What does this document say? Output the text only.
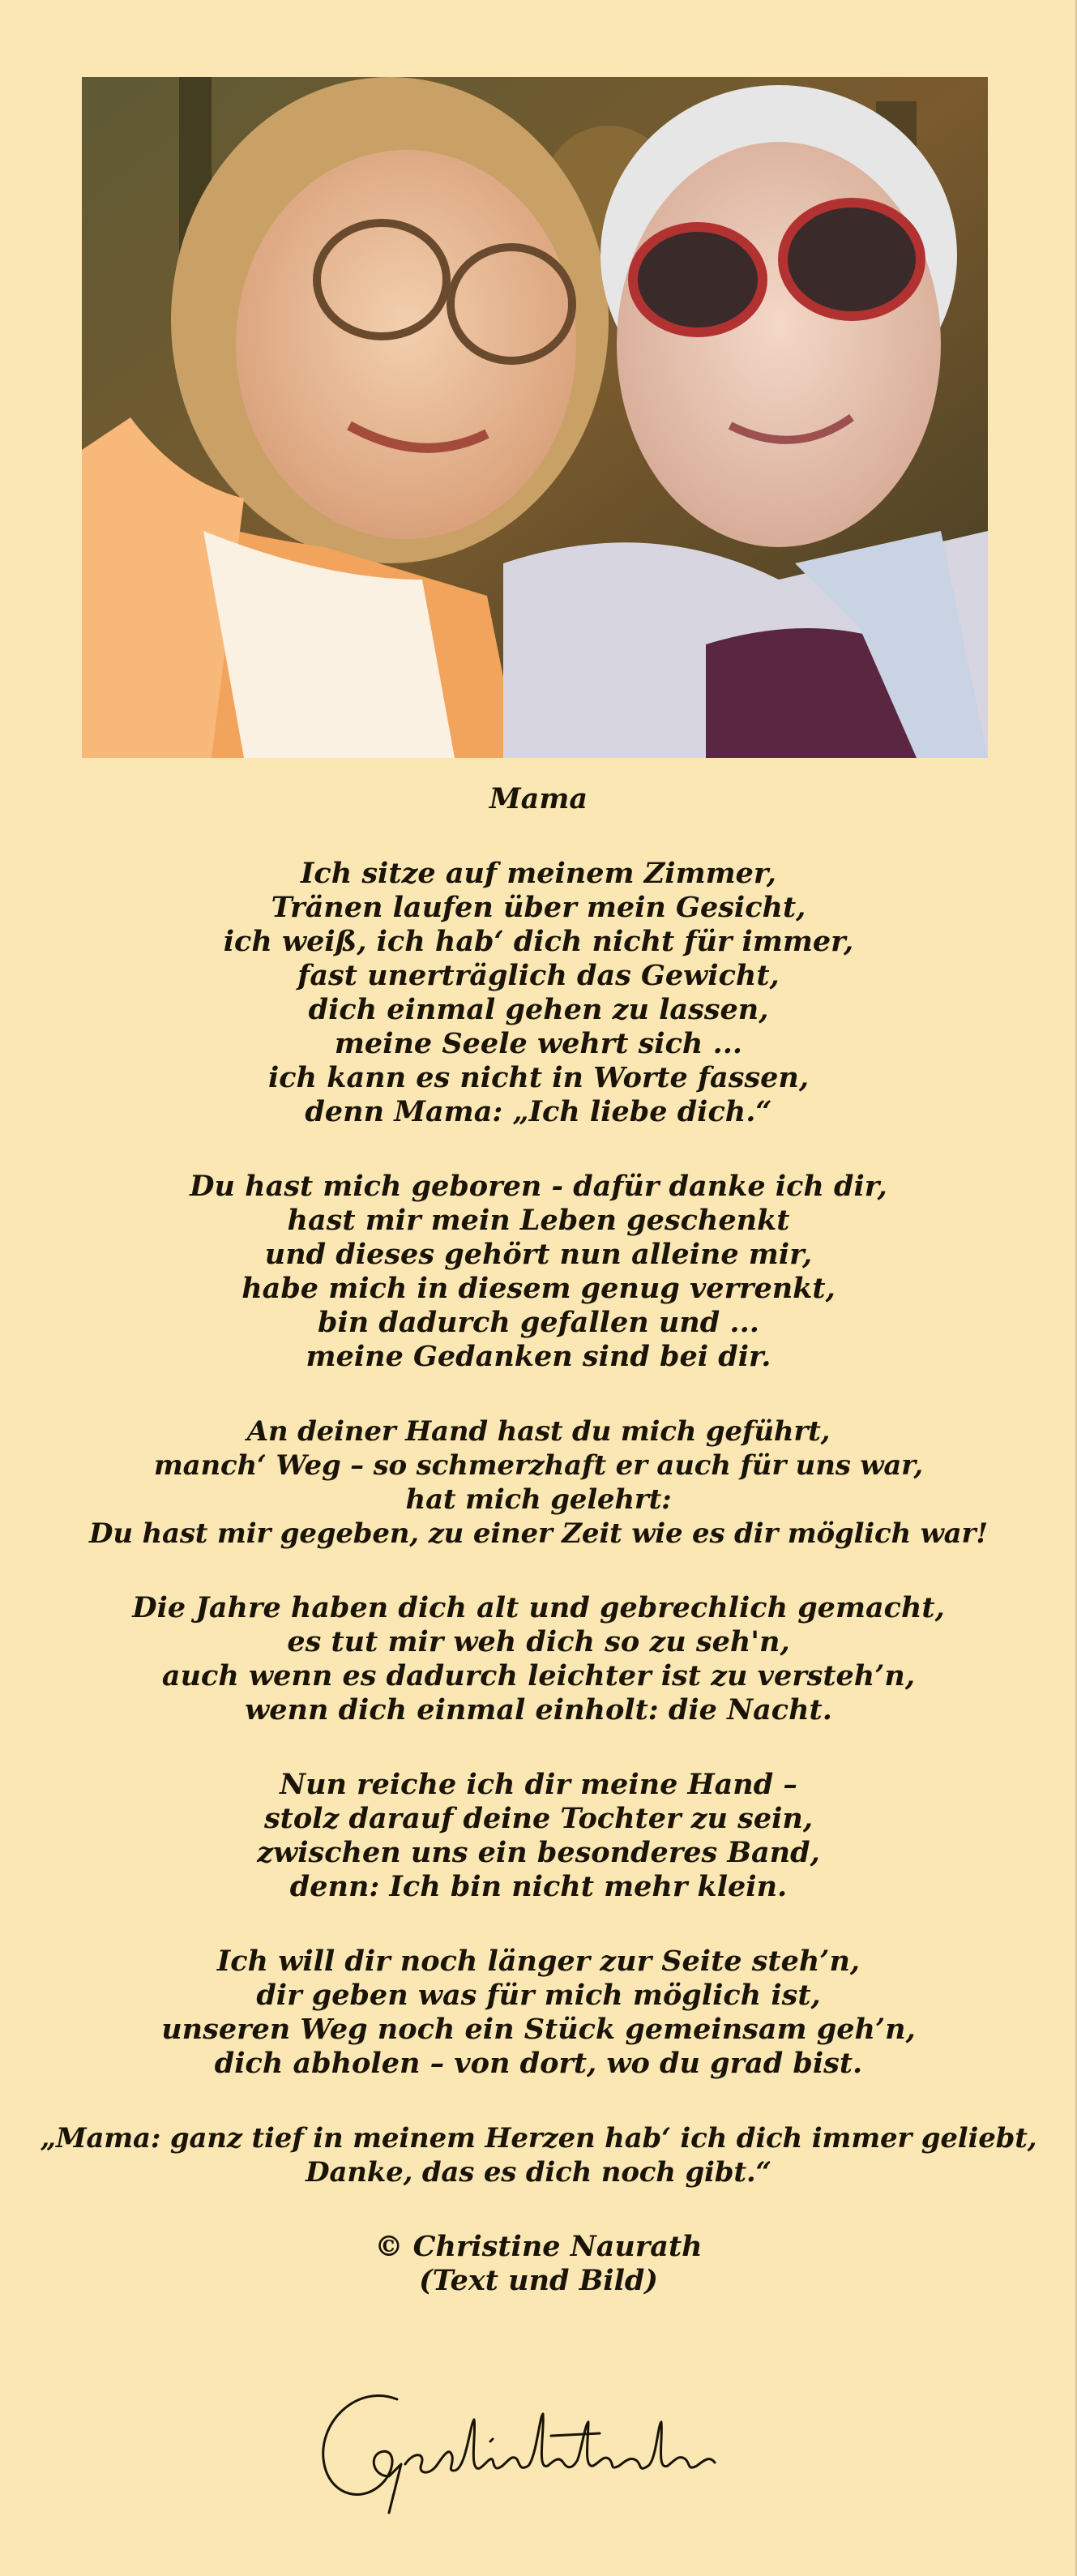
Mama
Ich sitze auf meinem Zimmer,
Tränen laufen über mein Gesicht,
ich weiß, ich hab‘ dich nicht für immer,
fast unerträglich das Gewicht,
dich einmal gehen zu lassen,
meine Seele wehrt sich ...
ich kann es nicht in Worte fassen,
denn Mama: „Ich liebe dich.“
Du hast mich geboren - dafür danke ich dir,
hast mir mein Leben geschenkt
und dieses gehört nun alleine mir,
habe mich in diesem genug verrenkt,
bin dadurch gefallen und ...
meine Gedanken sind bei dir.
An deiner Hand hast du mich geführt,
manch‘ Weg – so schmerzhaft er auch für uns war,
hat mich gelehrt:
Du hast mir gegeben, zu einer Zeit wie es dir möglich war!
Die Jahre haben dich alt und gebrechlich gemacht,
es tut mir weh dich so zu seh'n,
auch wenn es dadurch leichter ist zu versteh’n,
wenn dich einmal einholt: die Nacht.
Nun reiche ich dir meine Hand –
stolz darauf deine Tochter zu sein,
zwischen uns ein besonderes Band,
denn: Ich bin nicht mehr klein.
Ich will dir noch länger zur Seite steh’n,
dir geben was für mich möglich ist,
unseren Weg noch ein Stück gemeinsam geh’n,
dich abholen – von dort, wo du grad bist.
„Mama: ganz tief in meinem Herzen hab‘ ich dich immer geliebt,
Danke, das es dich noch gibt.“
© Christine Naurath
(Text und Bild)
